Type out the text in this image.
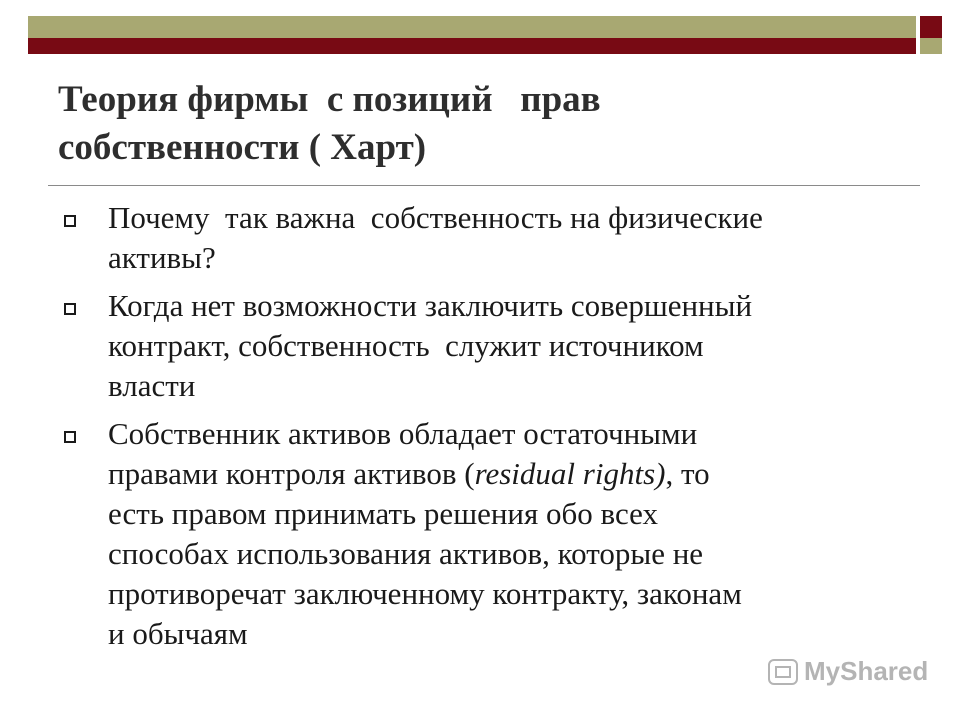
Теория фирмы  с позиций   прав
собственности ( Харт)
Почему  так важна  собственность на физические
активы?
Когда нет возможности заключить совершенный
контракт, собственность  служит источником
власти
Собственник активов обладает остаточными
правами контроля активов (residual rights), то
есть правом принимать решения обо всех
способах использования активов, которые не
противоречат заключенному контракту, законам
и обычаям
MyShared
